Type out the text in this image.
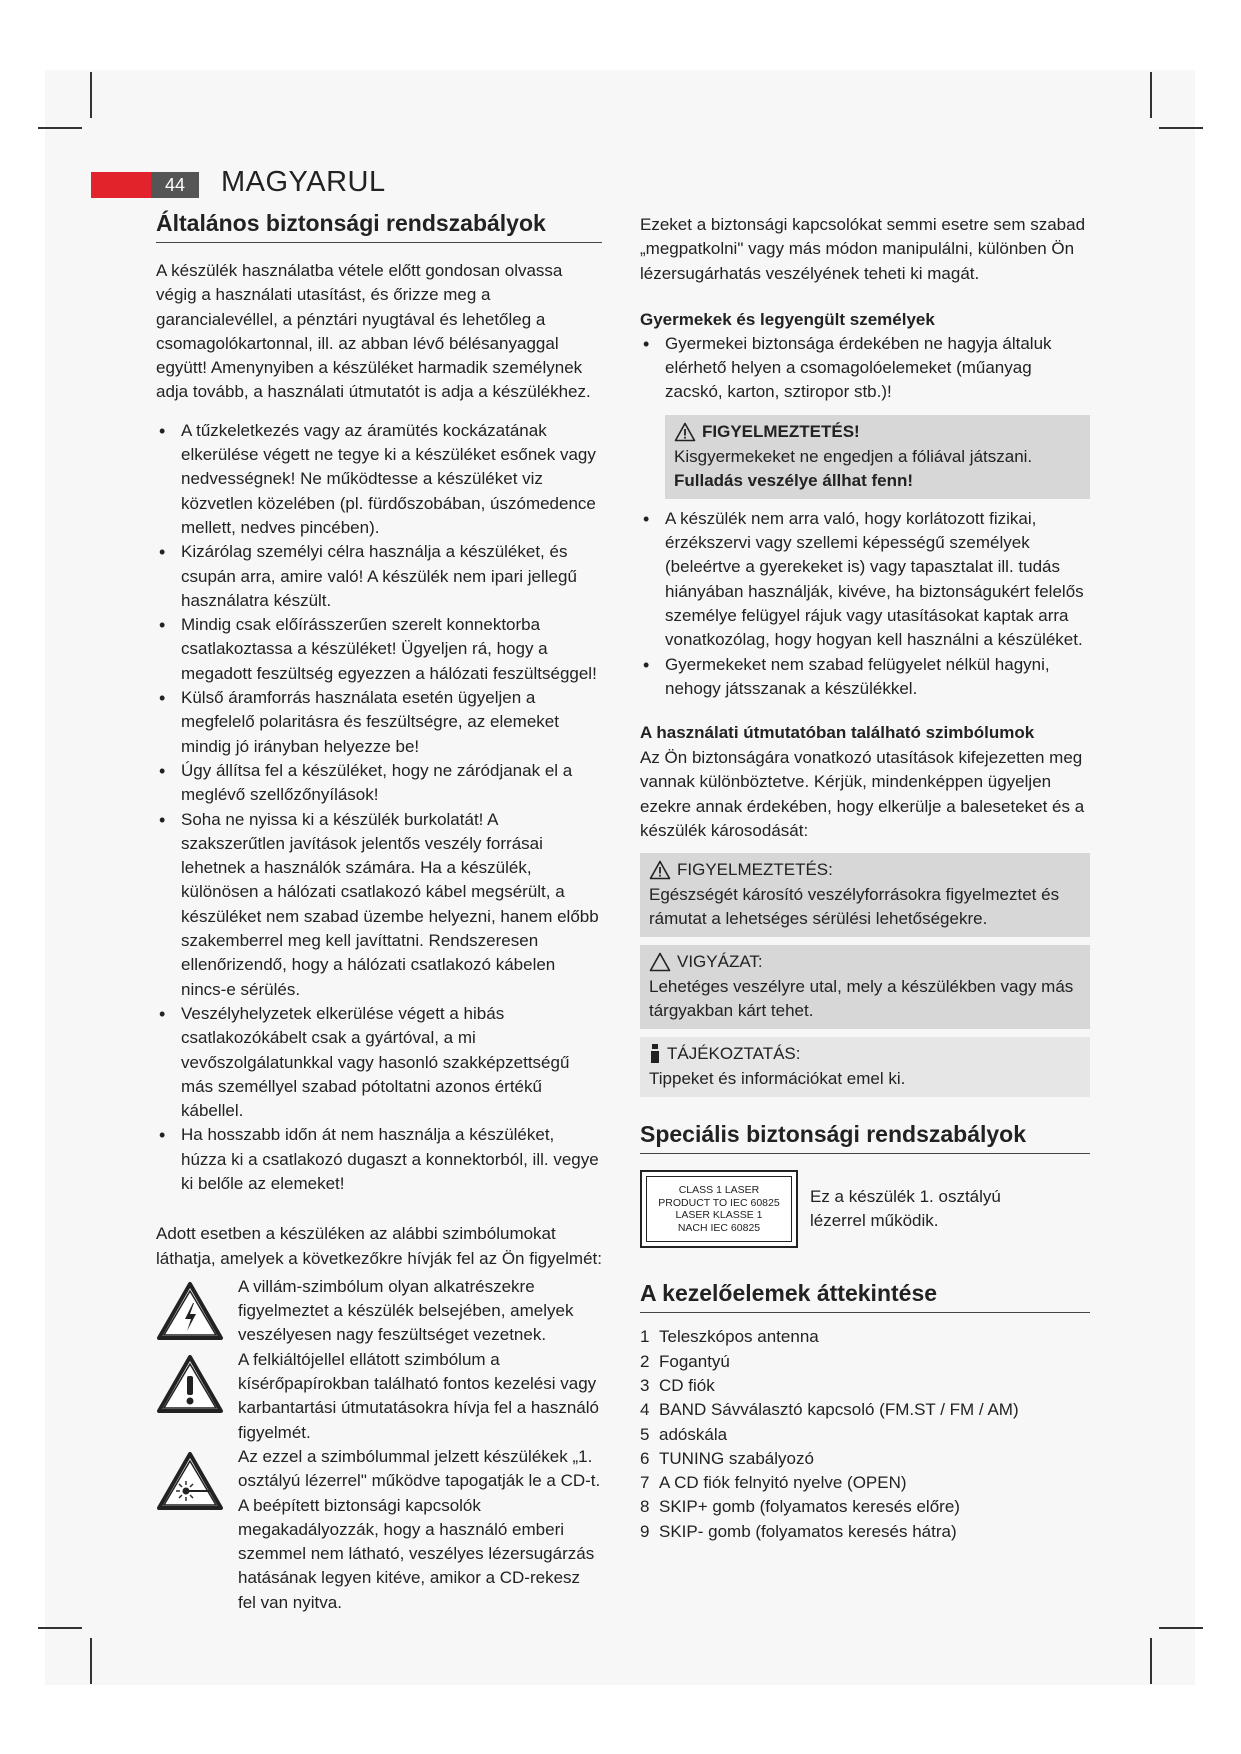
44	MAGYARUL
Általános biztonsági rendszabályok

A készülék használatba vétele előtt gondosan olvassa végig a használati utasítást, és őrizze meg a garancialevéllel, a pénztári nyugtával és lehetőleg a csomagolókartonnal, ill. az abban lévő bélésanyaggal együtt! Amenynyiben a készüléket harmadik személynek adja tovább, a használati útmutatót is adja a készülékhez.

• A tűzkeletkezés vagy az áramütés kockázatának elkerülése végett ne tegye ki a készüléket esőnek vagy nedvességnek! Ne működtesse a készüléket viz közvetlen közelében (pl. fürdőszobában, úszómedence mellett, nedves pincében).
• Kizárólag személyi célra használja a készüléket, és csupán arra, amire való! A készülék nem ipari jellegű használatra készült.
• Mindig csak előírásszerűen szerelt konnektorba csatlakoztassa a készüléket! Ügyeljen rá, hogy a megadott feszültség egyezzen a hálózati feszültséggel!
• Külső áramforrás használata esetén ügyeljen a megfelelő polaritásra és feszültségre, az elemeket mindig jó irányban helyezze be!
• Úgy állítsa fel a készüléket, hogy ne záródjanak el a meglévő szellőzőnyílások!
• Soha ne nyissa ki a készülék burkolatát! A szakszerűtlen javítások jelentős veszély forrásai lehetnek a használók számára. Ha a készülék, különösen a hálózati csatlakozó kábel megsérült, a készüléket nem szabad üzembe helyezni, hanem előbb szakemberrel meg kell javíttatni. Rendszeresen ellenőrizendő, hogy a hálózati csatlakozó kábelen nincs-e sérülés.
• Veszélyhelyzetek elkerülése végett a hibás csatlakozókábelt csak a gyártóval, a mi vevőszolgálatunkkal vagy hasonló szakképzettségű más személlyel szabad pótoltatni azonos értékű kábellel.
• Ha hosszabb időn át nem használja a készüléket, húzza ki a csatlakozó dugaszt a konnektorból, ill. vegye ki belőle az elemeket!

Adott esetben a készüléken az alábbi szimbólumokat láthatja, amelyek a következőkre hívják fel az Ön figyelmét:

A villám-szimbólum olyan alkatrészekre figyelmeztet a készülék belsejében, amelyek veszélyesen nagy feszültséget vezetnek.

A felkiáltójellel ellátott szimbólum a kísérőpapírokban található fontos kezelési vagy karbantartási útmutatásokra hívja fel a használó figyelmét.

Az ezzel a szimbólummal jelzett készülékek „1. osztályú lézerrel" működve tapogatják le a CD-t. A beépített biztonsági kapcsolók megakadályozzák, hogy a használó emberi szemmel nem látható, veszélyes lézersugárzás hatásának legyen kitéve, amikor a CD-rekesz fel van nyitva.

Ezeket a biztonsági kapcsolókat semmi esetre sem szabad „megpatkolni" vagy más módon manipulálni, különben Ön lézersugárhatás veszélyének teheti ki magát.

Gyermekek és legyengült személyek
• Gyermekei biztonsága érdekében ne hagyja általuk elérhető helyen a csomagolóelemeket (műanyag zacskó, karton, sztiropor stb.)!
FIGYELMEZTETÉS!

Kisgyermekeket ne engedjen a fóliával játszani.

Fulladás veszélye állhat fenn!

• A készülék nem arra való, hogy korlátozott fizikai, érzékszervi vagy szellemi képességű személyek (beleértve a gyerekeket is) vagy tapasztalat ill. tudás hiányában használják, kivéve, ha biztonságukért felelős személye felügyel rájuk vagy utasításokat kaptak arra vonatkozólag, hogy hogyan kell használni a készüléket.
• Gyermekeket nem szabad felügyelet nélkül hagyni, nehogy játsszanak a készülékkel.
A használati útmutatóban található szimbólumok

Az Ön biztonságára vonatkozó utasítások kifejezetten meg vannak különböztetve. Kérjük, mindenképpen ügyeljen ezekre annak érdekében, hogy elkerülje a baleseteket és a készülék károsodását:

FIGYELMEZTETÉS:

Egészségét károsító veszélyforrásokra figyelmeztet és rámutat a lehetséges sérülési lehetőségekre.

VIGYÁZAT:

Lehetéges veszélyre utal, mely a készülékben vagy más tárgyakban kárt tehet.

TÁJÉKOZTATÁS:

Tippeket és információkat emel ki.

Speciális biztonsági rendszabályok
CLASS 1 LASER
PRODUCT TO IEC 60825
LASER KLASSE 1
NACH IEC 60825

Ez a készülék 1. osztályú lézerrel működik.

A kezelőelemek áttekintése
1 Teleszkópos antenna
2 Fogantyú
3 CD fiók
4 BAND Sávválasztó kapcsoló (FM.ST / FM / AM)
5 adóskála
6 TUNING szabályozó
7 A CD fiók felnyitó nyelve (OPEN)
8 SKIP+ gomb (folyamatos keresés előre)
9 SKIP- gomb (folyamatos keresés hátra)
